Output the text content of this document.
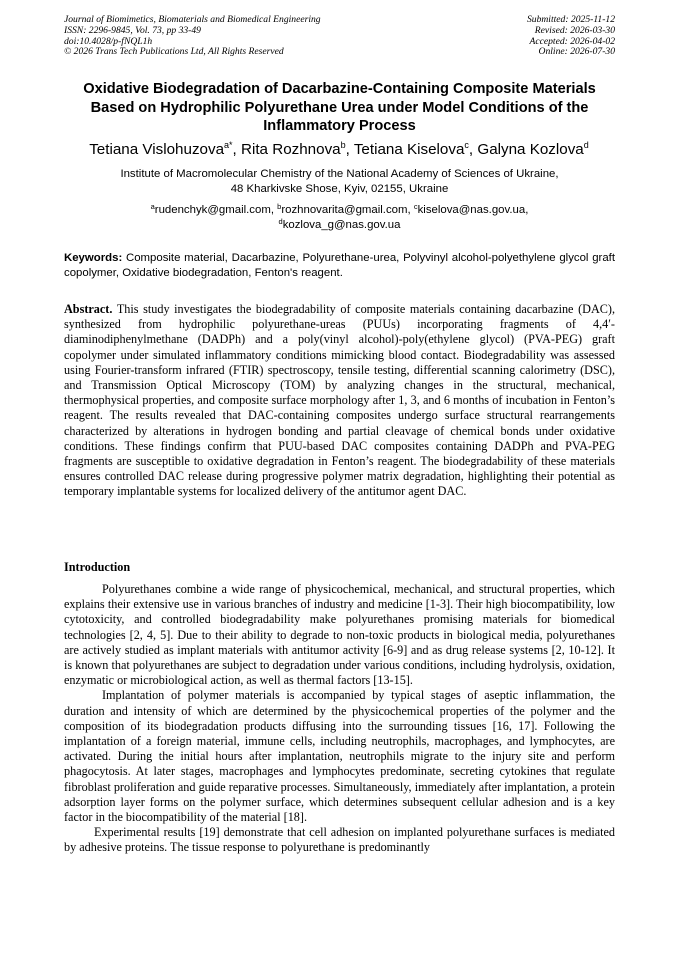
Journal of Biomimetics, Biomaterials and Biomedical Engineering
ISSN: 2296-9845, Vol. 73, pp 33-49
doi:10.4028/p-fNQL1h
© 2026 Trans Tech Publications Ltd, All Rights Reserved
Submitted: 2025-11-12
Revised: 2026-03-30
Accepted: 2026-04-02
Online: 2026-07-30
Oxidative Biodegradation of Dacarbazine-Containing Composite Materials Based on Hydrophilic Polyurethane Urea under Model Conditions of the Inflammatory Process
Tetiana Vislohuzova$^{a*}$, Rita Rozhnova$^b$, Tetiana Kiselova$^c$, Galyna Kozlova$^d$
Institute of Macromolecular Chemistry of the National Academy of Sciences of Ukraine,
48 Kharkivske Shose, Kyiv, 02155, Ukraine
$^a$rudenchyk@gmail.com, $^b$rozhnovarita@gmail.com, $^c$kiselova@nas.gov.ua,
$^d$kozlova_g@nas.gov.ua
Keywords: Composite material, Dacarbazine, Polyurethane-urea, Polyvinyl alcohol-polyethylene glycol graft copolymer, Oxidative biodegradation, Fenton's reagent.
Abstract. This study investigates the biodegradability of composite materials containing dacarbazine (DAC), synthesized from hydrophilic polyurethane-ureas (PUUs) incorporating fragments of 4,4′-diaminodiphenylmethane (DADPh) and a poly(vinyl alcohol)-poly(ethylene glycol) (PVA-PEG) graft copolymer under simulated inflammatory conditions mimicking blood contact. Biodegradability was assessed using Fourier-transform infrared (FTIR) spectroscopy, tensile testing, differential scanning calorimetry (DSC), and Transmission Optical Microscopy (TOM) by analyzing changes in the structural, mechanical, thermophysical properties, and composite surface morphology after 1, 3, and 6 months of incubation in Fenton’s reagent. The results revealed that DAC-containing composites undergo surface structural rearrangements characterized by alterations in hydrogen bonding and partial cleavage of chemical bonds under oxidative conditions. These findings confirm that PUU-based DAC composites containing DADPh and PVA-PEG fragments are susceptible to oxidative degradation in Fenton’s reagent. The biodegradability of these materials ensures controlled DAC release during progressive polymer matrix degradation, highlighting their potential as temporary implantable systems for localized delivery of the antitumor agent DAC.
Introduction

Polyurethanes combine a wide range of physicochemical, mechanical, and structural properties, which explains their extensive use in various branches of industry and medicine [1-3]. Their high biocompatibility, low cytotoxicity, and controlled biodegradability make polyurethanes promising materials for biomedical technologies [2, 4, 5]. Due to their ability to degrade to non-toxic products in biological media, polyurethanes are actively studied as implant materials with antitumor activity [6-9] and as drug release systems [2, 10-12]. It is known that polyurethanes are subject to degradation under various conditions, including hydrolysis, oxidation, enzymatic or microbiological action, as well as thermal factors [13-15].

Implantation of polymer materials is accompanied by typical stages of aseptic inflammation, the duration and intensity of which are determined by the physicochemical properties of the polymer and the composition of its biodegradation products diffusing into the surrounding tissues [16, 17]. Following the implantation of a foreign material, immune cells, including neutrophils, macrophages, and lymphocytes, are activated. During the initial hours after implantation, neutrophils migrate to the injury site and perform phagocytosis. At later stages, macrophages and lymphocytes predominate, secreting cytokines that regulate fibroblast proliferation and guide reparative processes. Simultaneously, immediately after implantation, a protein adsorption layer forms on the polymer surface, which determines subsequent cellular adhesion and is a key factor in the biocompatibility of the material [18].

Experimental results [19] demonstrate that cell adhesion on implanted polyurethane surfaces is mediated by adhesive proteins. The tissue response to polyurethane is predominantly
